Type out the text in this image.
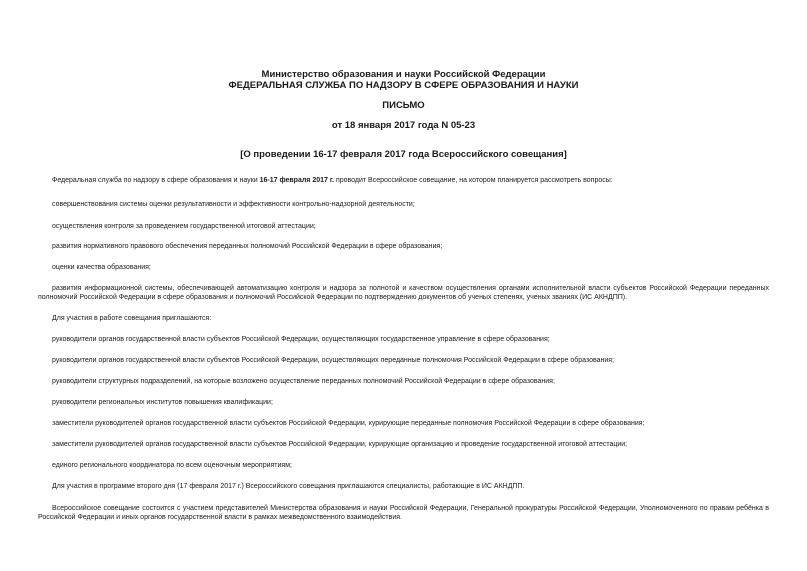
Министерство образования и науки Российской Федерации
ФЕДЕРАЛЬНАЯ СЛУЖБА ПО НАДЗОРУ В СФЕРЕ ОБРАЗОВАНИЯ И НАУКИ
ПИСЬМО
от 18 января 2017 года N 05-23
[О проведении 16-17 февраля 2017 года Всероссийского совещания]
Федеральная служба по надзору в сфере образования и науки 16-17 февраля 2017 г. проводит Всероссийское совещание, на котором планируется рассмотреть вопросы:
совершенствования системы оценки результативности и эффективности контрольно-надзорной деятельности;
осуществления контроля за проведением государственной итоговой аттестации;
развития нормативного правового обеспечения переданных полномочий Российской Федерации в сфере образования;
оценки качества образования;
развития информационной системы, обеспечивающей автоматизацию контроля и надзора за полнотой и качеством осуществления органами исполнительной власти субъектов Российской Федерации переданных полномочий Российской Федерации в сфере образования и полномочий Российской Федерации по подтверждению документов об ученых степенях, ученых званиях (ИС АКНДПП).
Для участия в работе совещания приглашаются:
руководители органов государственной власти субъектов Российской Федерации, осуществляющих государственное управление в сфере образования;
руководители органов государственной власти субъектов Российской Федерации, осуществляющих переданные полномочия Российской Федерации в сфере образования;
руководители структурных подразделений, на которые возложено осуществление переданных полномочий Российской Федерации в сфере образования;
руководители региональных институтов повышения квалификации;
заместители руководителей органов государственной власти субъектов Российской Федерации, курирующие переданные полномочия Российской Федерации в сфере образования;
заместители руководителей органов государственной власти субъектов Российской Федерации, курирующие организацию и проведение государственной итоговой аттестации;
единого регионального координатора по всем оценочным мероприятиям;
Для участия в программе второго дня (17 февраля 2017 г.) Всероссийского совещания приглашаются специалисты, работающие в ИС АКНДПП.
Всероссийское совещание состоится с участием представителей Министерства образования и науки Российской Федерации, Генеральной прокуратуры Российской Федерации, Уполномоченного по правам ребёнка в Российской Федерации и иных органов государственной власти в рамках межведомственного взаимодействия.
